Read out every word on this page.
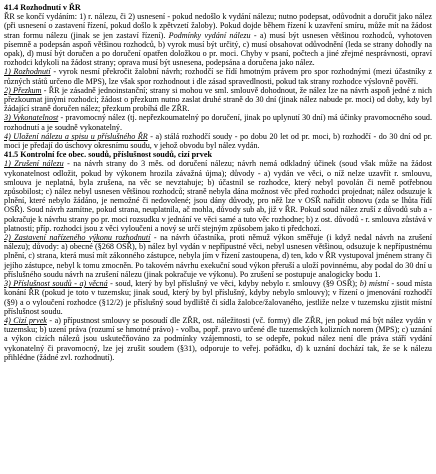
41.4 Rozhodnutí v ŘR
ŘR se končí vydáním: 1) r. nálezu, či 2) usnesení - pokud nedošlo k vydání nálezu; nutno podepsat, odůvodnit a doručit jako nález (při usnesení o zastavení řízení, pokud došlo k zpětvzetí žaloby). Pokud dojde během řízení k uzavření smíru, může mít na žádost stran formu nálezu (jinak se jen zastaví řízení). Podmínky vydání nálezu - a) musí být usnesen většinou rozhodců, vyhotoven písemně a podepsán aspoň většinou rozhodců, b) vyrok musí být určitý, c) musí obsahovat odůvodnění (leda se strany dohodly na opak), d) musí být doručen a po doručení opatřen doložkou o pr. moci. Chyby v psaní, počtech a jiné zřejmé nesprávnosti, opraví rozhodci kdykoli na žádost strany; oprava musí být usnesena, podepsána a doručena jako nález.
1) Rozhodnutí - vyrok nesmí překročit žalobní návrh; rozhodčí se řídí hmotným právem pro spor rozhodnými (mezi účastníky z různých států určeno dle MPS), lze však spor rozhodnout i dle zásad spravedlnosti, pokud tak strany rozhodce výslovně pověří.
2) Přezkum - ŘR je zásadně jednoinstanční; strany si mohou ve sml. smlouvě dohodnout, že nález lze na návrh aspoň jedné z nich přezkoumat jinými rozhodci; žádost o přezkum nutno zaslat druhé straně do 30 dní (jinak nález nabude pr. moci) od doby, kdy byl žádající straně doručen nález; přezkum probíhá dle ZŘR.
3) Vykonatelnost - pravomocný nález (tj. nepřezkoumatelný po doručení, jinak po uplynutí 30 dní) má účinky pravomocného soud. rozhodnutí a je soudně vykonatelný.
4) Uložení nálezu a spisu u příslušného ŘR - a) stálá rozhodčí soudy - po dobu 20 let od pr. moci, b) rozhodčí - do 30 dní od pr. moci je předají do úschovy okresnímu soudu, v jehož obvodu byl nález vydán.
41.5 Kontrolní fce obec. soudů, příslušnost soudů, cizí prvek
1) Zrušení nálezu - na návrh strany do 3 měs. od doručení nálezu; návrh nemá odkladný účinek (soud však může na žádost vykonatelnost odložit, pokud by výkonem hrozila závažná újma); důvody - a) vydán ve věci, o níž nelze uzavřít r. smlouvu, smlouva je neplatná, byla zrušena, na věc se nevztahuje; b) účastnil se rozhodce, který nebyl povolán či nemě potřebnou způsobilost; c) nález nebyl usnesen většinou rozhodců; straně nebyla dána možnost věc před rozhodci projednat; nález odsuzuje k plnění, které nebylo žádáno, je nemožné či nedovolené; jsou dány důvody, pro něž lze v OSŘ nařídit obnovu (zda se lhůta řídí OSŘ). Soud návrh zamítne, pokud strana, neuplatnila, ač mohla, důvody sub ab, již v ŘR. Pokud soud nález zruší z důvodů sub a - pokračuje k návrhu strany po pr. moci rozsudku v jednání ve věci samé a tuto věc rozhodne; b) z ost. důvodů - r. smlouva zůstává v platnosti; příp. rozhodci jsou z věci vyloučeni a nový se určí stejným způsobem jako ti předchozí.
2) Zastavení nařízeného výkonu rozhodnutí - na návrh účastníka, proti němuž výkon směřuje (i když nedal návrh na zrušení nálezu); důvody: a) obecné (§268 OSŘ), b) nález byl vydán v nepřípustné věci, nebyl usnesen většinou, odsuzuje k nepřípustnému plnění, c) strana, která musí mít zákonného zástupce, nebyla jím v řízení zastoupena, d) ten, kdo v ŘR vystupoval jménem strany či jejího zástupce, nebyl k tomu zmocněn. Po takovém návrhu exekuční soud výkon přeruší a uloží povinnému, aby podal do 30 dní u příslušného soudu návrh na zrušení nálezu (jinak pokračuje ve výkonu). Po zrušení se postupuje analogicky bodu 1.
3) Příslušnost soudů - a) věcná - soud, který by byl příslušný ve věci, kdyby nebylo r. smlouvy (§9 OSŘ); b) místní - soud místa konání ŘR (pokud je toto v tuzemsku; jinak soud, který by byl příslušný, kdyby nebylo smlouvy); v řízení o jmenování rozhodčí (§9) a o vyloučení rozhodce (§12/2) je příslušný soud bydliště či sídla žalobce/žalovaného, jestliže nelze v tuzemsku zjistit místní příslušnost soudu.
4) Cizí prvek - a) přípustnost smlouvy se posoudí dle ZŘR, ost. náležitosti (vč. formy) dle ZŘR, jen pokud má být nález vydán v tuzemsku; b) uzení práva (rozumí se hmotné právo) - volba, popř. pravo určené dle tuzemských kolizních norem (MPS); c) uznání a výkon cizích nálezů jsou uskutečňováno za podmínky vzájemnosti, to se odepře, pokud nález není dle práva stáří vydání vykonatelný či pravomocný, lze jej zrušit soudem (§31), odporuje to veřej. pořádku, d) k uznání dochází tak, že se k nálezu přihlédne (žádné zvl. rozhodnutí).
